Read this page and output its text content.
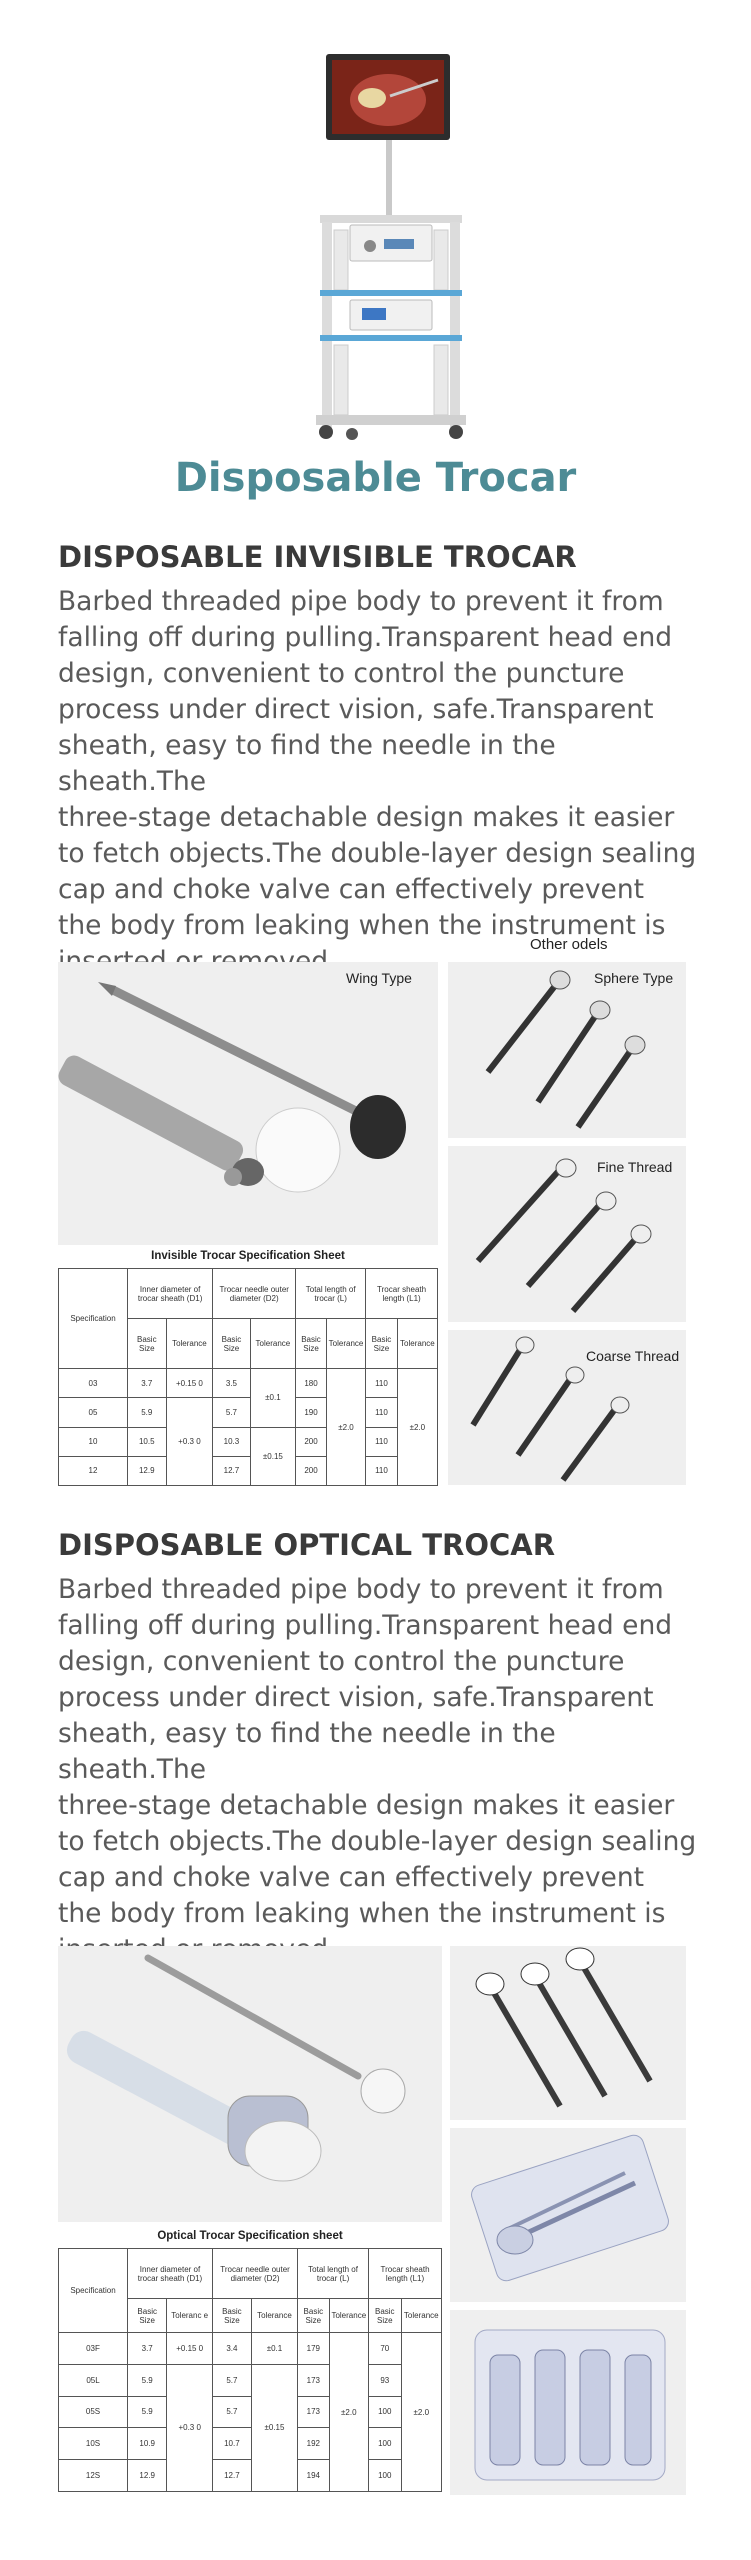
Disposable Trocar
DISPOSABLE INVISIBLE TROCAR
Barbed threaded pipe body to prevent it from
falling off during pulling.Transparent head end
design, convenient to control the puncture
process under direct vision, safe.Transparent
sheath, easy to find the needle in the sheath.The
three-stage detachable design makes it easier
to fetch objects.The double-layer design sealing
cap and choke valve can effectively prevent
the body from leaking when the instrument is
Other odels
Wing Type	Sphere Type
Fine Thread
Coarse Thread
Invisible Trocar Specification Sheet
Specification	Inner diameter of trocar sheath (D1)		Trocar needle outer diameter (D2)		Total length of trocar (L)		Trocar sheath length (L1)	
	Basic Size	Tolerance	Basic Size	Tolerance	Basic Size	Tolerance	Basic Size	Tolerance
03	3.7	+0.15 0	3.5	±0.1	180	±2.0	110	±2.0
05	5.9	+0.3 0	5.7		190		110	
10	10.5		10.3	±0.15	200		110	
12	12.9		12.7		200		110	
DISPOSABLE OPTICAL TROCAR
Barbed threaded pipe body to prevent it from
falling off during pulling.Transparent head end
design, convenient to control the puncture
process under direct vision, safe.Transparent
sheath, easy to find the needle in the sheath.The
three-stage detachable design makes it easier
to fetch objects.The double-layer design sealing
cap and choke valve can effectively prevent
the body from leaking when the instrument is
Optical Trocar Specification sheet
Specification	Inner diameter of trocar sheath (D1)		Trocar needle outer diameter (D2)		Total length of trocar (L)		Trocar sheath length (L1)	
	Basic Size	Toleranc e	Basic Size	Tolerance	Basic Size	Tolerance	Basic Size	Tolerance
03F	3.7	+0.15 0	3.4	±0.1	179	±2.0	70	±2.0
05L	5.9	+0.3 0	5.7	±0.15	173		93	
05S	5.9		5.7		173		100	
10S	10.9		10.7		192		100	
12S	12.9		12.7		194		100	
